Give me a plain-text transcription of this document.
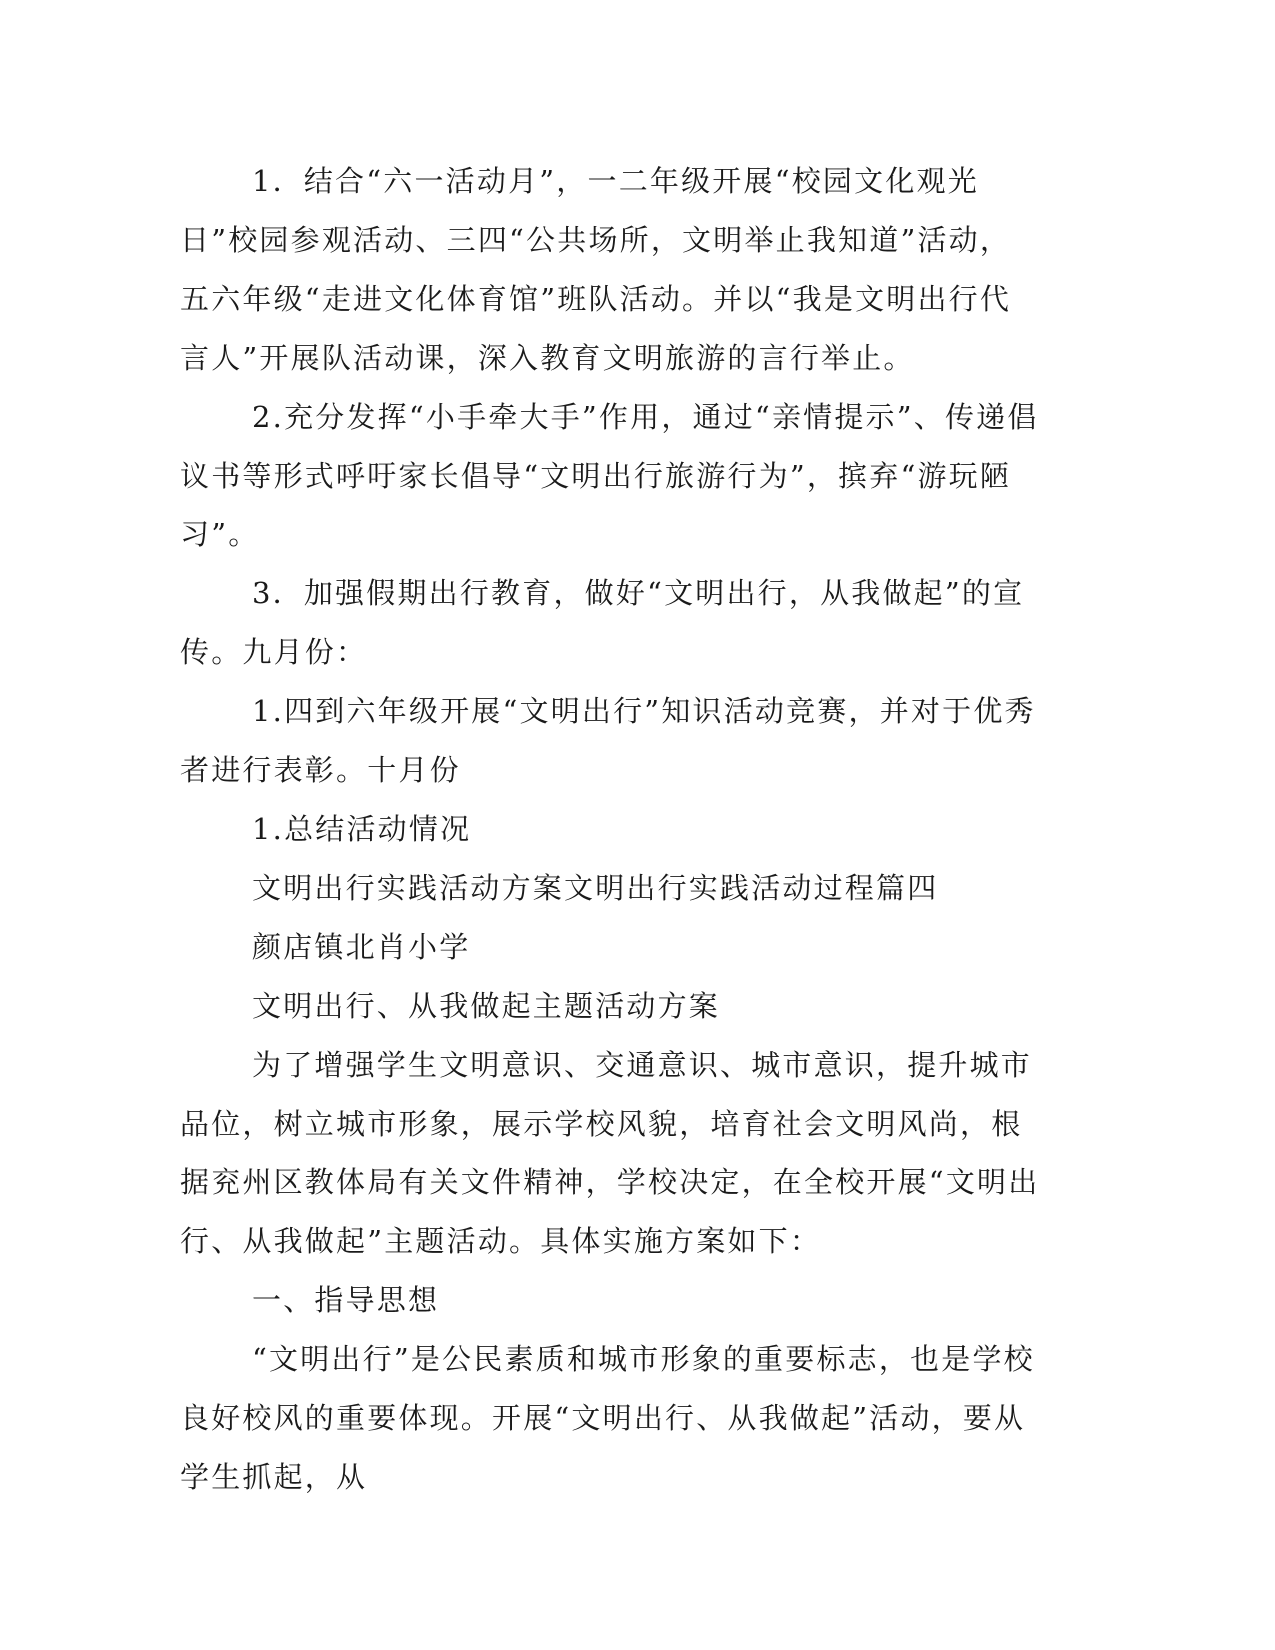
1．结合“六一活动月”，一二年级开展“校园文化观光日”校园参观活动、三四“公共场所，文明举止我知道”活动，五六年级“走进文化体育馆”班队活动。并以“我是文明出行代言人”开展队活动课，深入教育文明旅游的言行举止。

2.充分发挥“小手牵大手”作用，通过“亲情提示”、传递倡议书等形式呼吁家长倡导“文明出行旅游行为”，摈弃“游玩陋习”。

3．加强假期出行教育，做好“文明出行，从我做起”的宣传。九月份：

1.四到六年级开展“文明出行”知识活动竞赛，并对于优秀者进行表彰。十月份

1.总结活动情况

文明出行实践活动方案文明出行实践活动过程篇四

颜店镇北肖小学

文明出行、从我做起主题活动方案

为了增强学生文明意识、交通意识、城市意识，提升城市品位，树立城市形象，展示学校风貌，培育社会文明风尚，根据兖州区教体局有关文件精神，学校决定，在全校开展“文明出行、从我做起”主题活动。具体实施方案如下：

一、指导思想

“文明出行”是公民素质和城市形象的重要标志，也是学校良好校风的重要体现。开展“文明出行、从我做起”活动，要从学生抓起，从
